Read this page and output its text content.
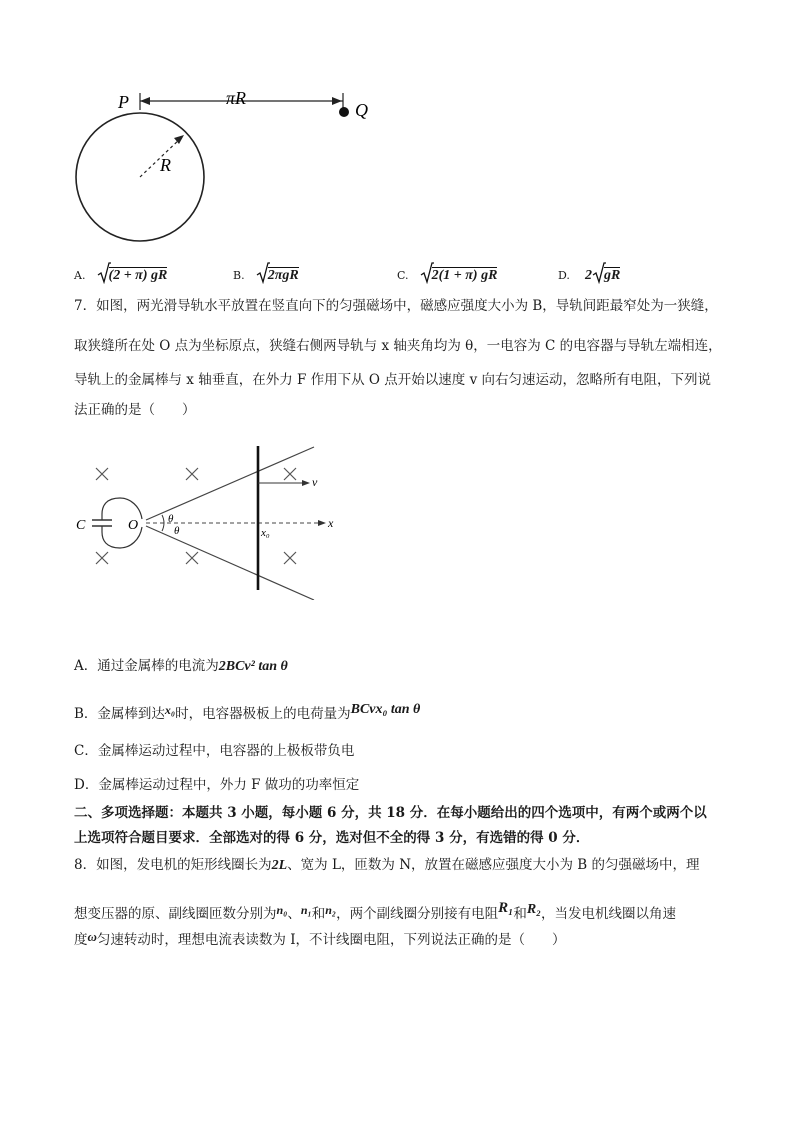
P	πR
Q
R
A. (2 + π) gR	B. 2πgR	C. 2(1 + π) gR	D. 2 gR
7．如图，两光滑导轨水平放置在竖直向下的匀强磁场中，磁感应强度大小为 B，导轨间距最窄处为一狭缝，
取狭缝所在处 O 点为坐标原点，狭缝右侧两导轨与 x 轴夹角均为 θ，一电容为 C 的电容器与导轨左端相连，
导轨上的金属棒与 x 轴垂直，在外力 F 作用下从 O 点开始以速度 v 向右匀速运动，忽略所有电阻，下列说
法正确的是（　　）
C	O	θ
θ	x₀
x
v
A．通过金属棒的电流为2BCv² tan θ
B．金属棒到达x₀时，电容器极板上的电荷量为BCvx₀ tan θ
C．金属棒运动过程中，电容器的上极板带负电
D．金属棒运动过程中，外力 F 做功的功率恒定
二、多项选择题：本题共 3 小题，每小题 6 分，共 18 分．在每小题给出的四个选项中，有两个或两个以
上选项符合题目要求．全部选对的得 6 分，选对但不全的得 3 分，有选错的得 0 分．
8．如图，发电机的矩形线圈长为2L、宽为 L，匝数为 N，放置在磁感应强度大小为 B 的匀强磁场中，理
想变压器的原、副线圈匝数分别为n₀、n₁和n₂，两个副线圈分别接有电阻R₁和R₂，当发电机线圈以角速
度ω匀速转动时，理想电流表读数为 I，不计线圈电阻，下列说法正确的是（　　）
